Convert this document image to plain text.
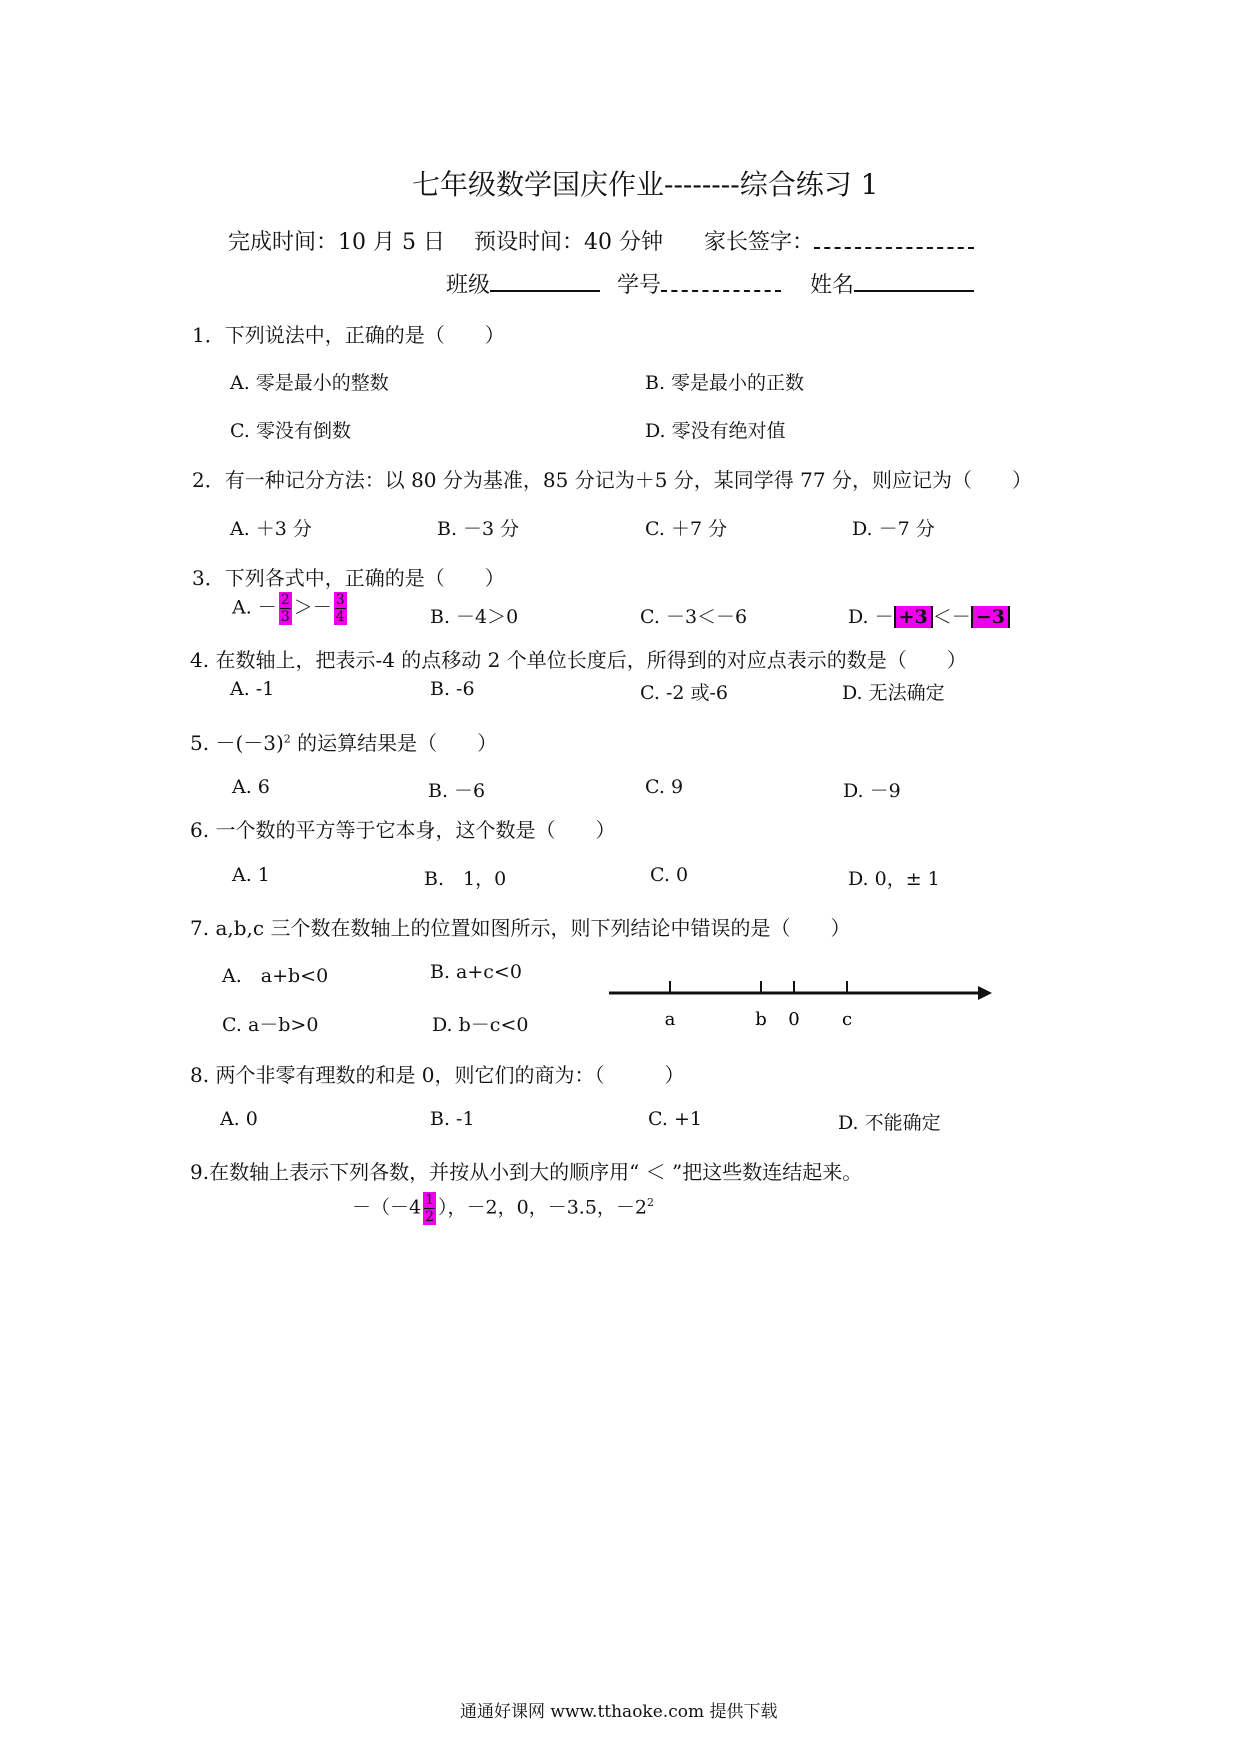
七年级数学国庆作业--------综合练习 1
完成时间：10 月 5 日 预设时间：40 分钟 家长签字：
班级	学号	姓名
1．下列说法中，正确的是（　　）
A. 零是最小的整数	B. 零是最小的正数
C. 零没有倒数	D. 零没有绝对值
2．有一种记分方法：以 80 分为基准，85 分记为＋5 分，某同学得 77 分，则应记为（　　）
A. ＋3 分	B. －3 分	C. ＋7 分	D. －7 分
3．下列各式中，正确的是（　　）
A. － $\frac{2}{3} >- \frac{3}{4}$	B. －4＞0	C. －3＜－6	D. － +3 ＜－ −3
4. 在数轴上，把表示-4 的点移动 2 个单位长度后，所得到的对应点表示的数是（　　）
A. -1	B. -6	C. -2 或-6	D. 无法确定
5. $-(-3)^2$ 的运算结果是（　　）
A. 6	B. －6	C. 9	D. －9
6. 一个数的平方等于它本身，这个数是（　　）
A. 1	B.　1，0	C. 0	D. 0，± 1
7. a,b,c 三个数在数轴上的位置如图所示，则下列结论中错误的是（　　）
A.　a+b<0	B. a+c<0
C. a－b>0	D. b－c<0	a	b 0 c
8. 两个非零有理数的和是 0，则它们的商为：（　　　）
A. 0	B. -1	C. +1	D. 不能确定
9.在数轴上表示下列各数，并按从小到大的顺序用“ ＜ ”把这些数连结起来。
$-(-4 \frac{1}{2}$ ），－2，0，－3.5，$-2^2$
通通好课网 www.tthaoke.com 提供下载
